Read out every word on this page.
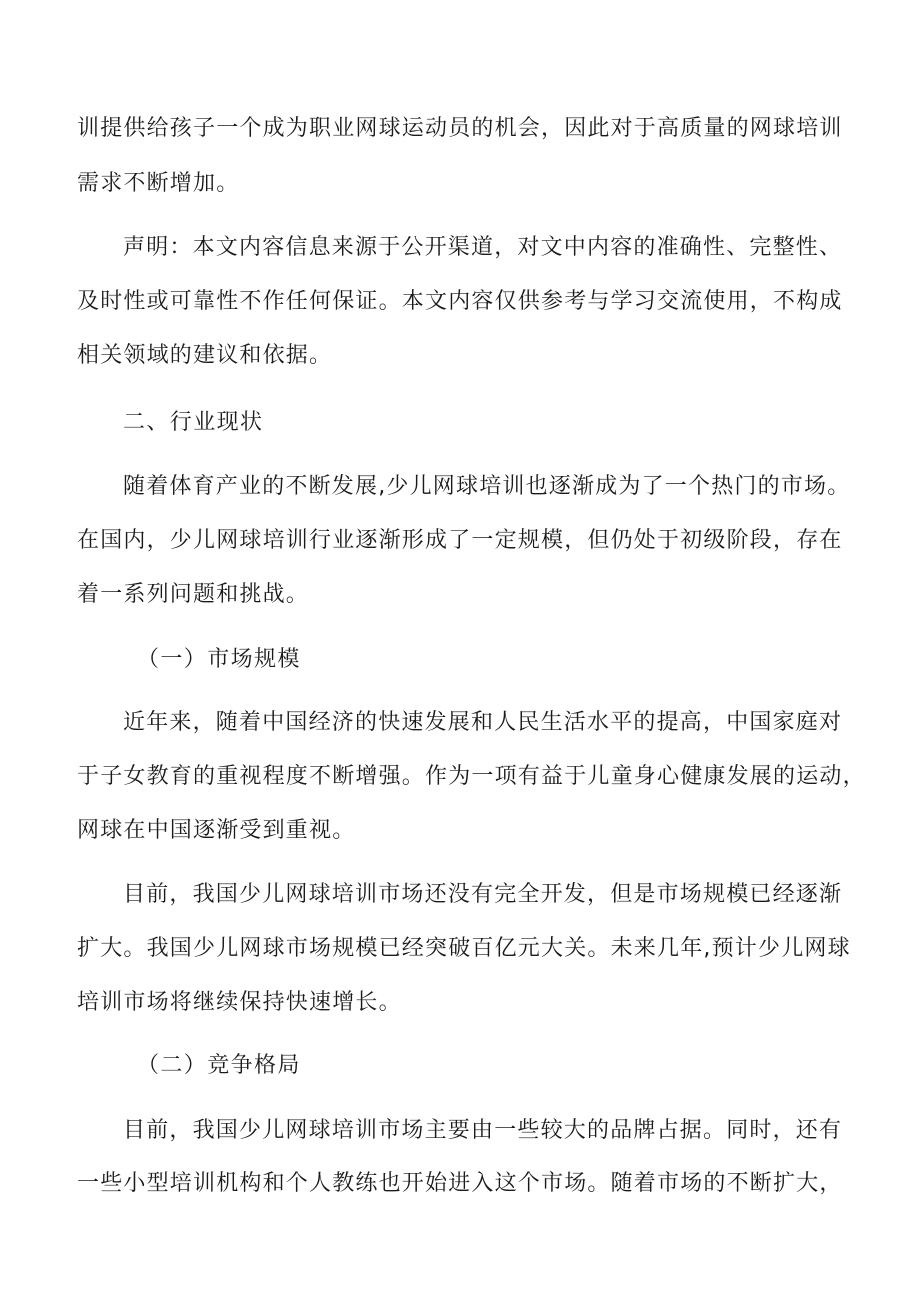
训提供给孩子一个成为职业网球运动员的机会，因此对于高质量的网球培训
需求不断增加。
声明：本文内容信息来源于公开渠道，对文中内容的准确性、完整性、
及时性或可靠性不作任何保证。本文内容仅供参考与学习交流使用，不构成
相关领域的建议和依据。
二、行业现状
随着体育产业的不断发展,少儿网球培训也逐渐成为了一个热门的市场。
在国内，少儿网球培训行业逐渐形成了一定规模，但仍处于初级阶段，存在
着一系列问题和挑战。
（一）市场规模
近年来，随着中国经济的快速发展和人民生活水平的提高，中国家庭对
于子女教育的重视程度不断增强。作为一项有益于儿童身心健康发展的运动，
网球在中国逐渐受到重视。
目前，我国少儿网球培训市场还没有完全开发，但是市场规模已经逐渐
扩大。我国少儿网球市场规模已经突破百亿元大关。未来几年,预计少儿网球
培训市场将继续保持快速增长。
（二）竞争格局
目前，我国少儿网球培训市场主要由一些较大的品牌占据。同时，还有
一些小型培训机构和个人教练也开始进入这个市场。随着市场的不断扩大，
